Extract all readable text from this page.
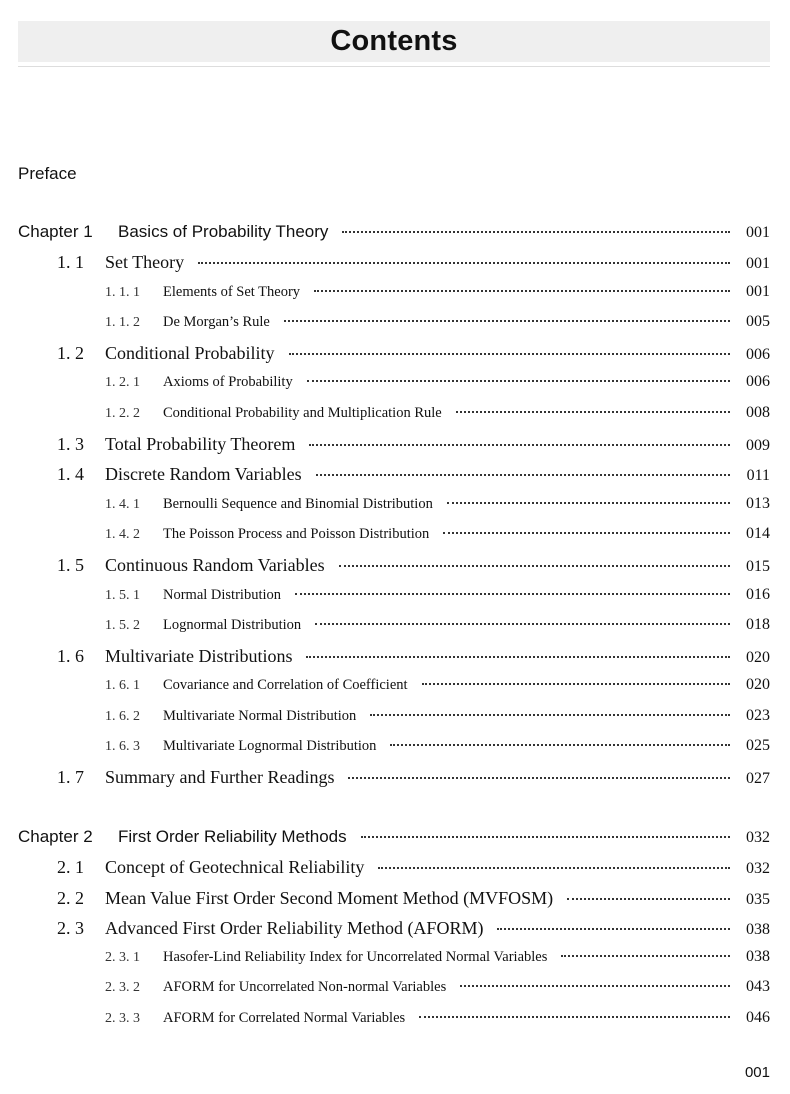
Contents
Preface
Chapter 1	Basics of Probability Theory	001
1. 1	Set Theory	001
1. 1. 1	Elements of Set Theory	001
1. 1. 2	De Morgan’s Rule	005
1. 2	Conditional Probability	006
1. 2. 1	Axioms of Probability	006
1. 2. 2	Conditional Probability and Multiplication Rule	008
1. 3	Total Probability Theorem	009
1. 4	Discrete Random Variables	011
1. 4. 1	Bernoulli Sequence and Binomial Distribution	013
1. 4. 2	The Poisson Process and Poisson Distribution	014
1. 5	Continuous Random Variables	015
1. 5. 1	Normal Distribution	016
1. 5. 2	Lognormal Distribution	018
1. 6	Multivariate Distributions	020
1. 6. 1	Covariance and Correlation of Coefficient	020
1. 6. 2	Multivariate Normal Distribution	023
1. 6. 3	Multivariate Lognormal Distribution	025
1. 7	Summary and Further Readings	027
Chapter 2	First Order Reliability Methods	032
2. 1	Concept of Geotechnical Reliability	032
2. 2	Mean Value First Order Second Moment Method (MVFOSM)	035
2. 3	Advanced First Order Reliability Method (AFORM)	038
2. 3. 1	Hasofer-Lind Reliability Index for Uncorrelated Normal Variables	038
2. 3. 2	AFORM for Uncorrelated Non-normal Variables	043
2. 3. 3	AFORM for Correlated Normal Variables	046
001
